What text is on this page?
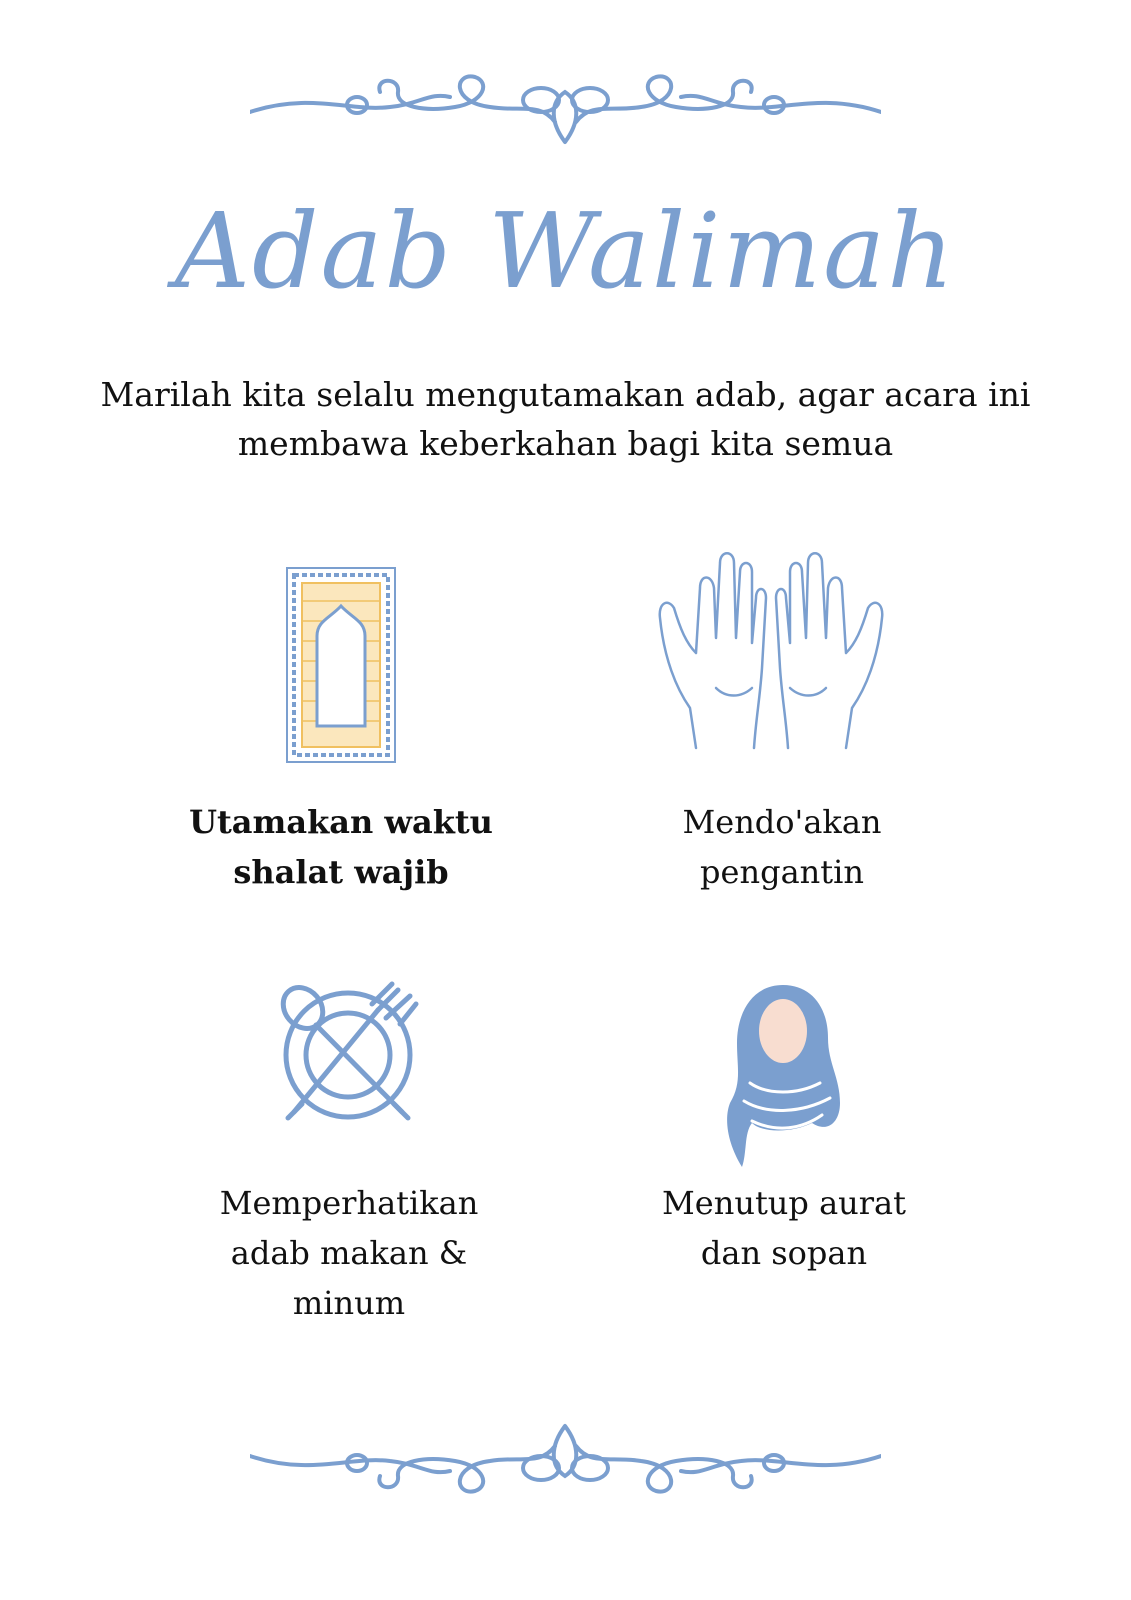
Adab Walimah
Marilah kita selalu mengutamakan adab, agar acara ini membawa keberkahan bagi kita semua
Utamakan waktu
shalat wajib
Mendo'akan
pengantin
Memperhatikan
adab makan &
minum
Menutup aurat
dan sopan
